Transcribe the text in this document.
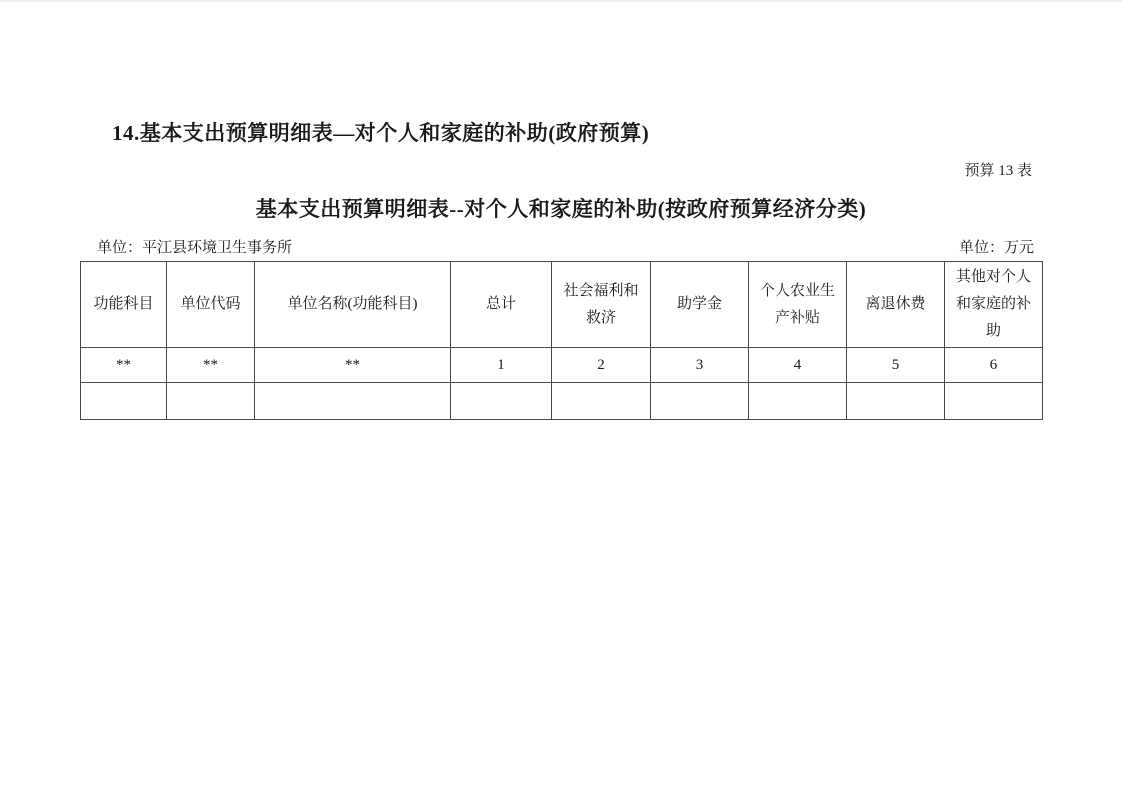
14.基本支出预算明细表—对个人和家庭的补助(政府预算)
预算 13 表
基本支出预算明细表--对个人和家庭的补助(按政府预算经济分类)
单位：平江县环境卫生事务所	单位：万元
功能科目	单位代码	单位名称(功能科目)	总计	社会福利和救济	助学金	个人农业生产补贴	离退休费	其他对个人和家庭的补助
**	**	**	1	2	3	4	5	6
